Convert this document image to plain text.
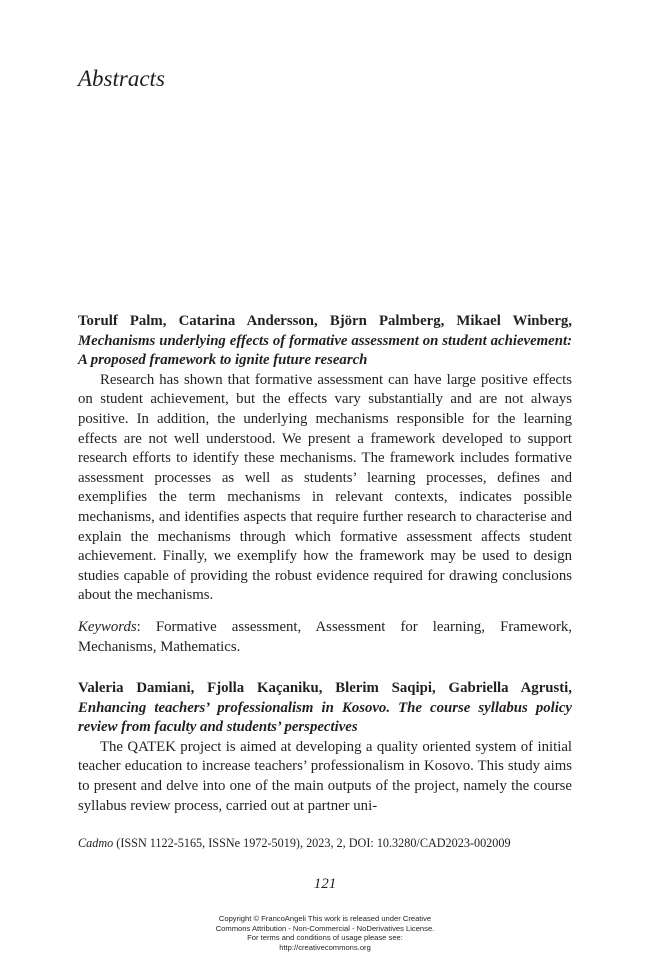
Abstracts

Torulf Palm, Catarina Andersson, Björn Palmberg, Mikael Winberg, Mechanisms underlying effects of formative assessment on student achievement: A proposed framework to ignite future research

Research has shown that formative assessment can have large positive effects on student achievement, but the effects vary substantially and are not always positive. In addition, the underlying mechanisms responsible for the learning effects are not well understood. We present a framework developed to support research efforts to identify these mechanisms. The framework includes formative assessment processes as well as students’ learning processes, defines and exemplifies the term mechanisms in relevant contexts, indicates possible mechanisms, and identifies aspects that require further research to characterise and explain the mechanisms through which formative assessment affects student achievement. Finally, we exemplify how the framework may be used to design studies capable of providing the robust evidence required for drawing conclusions about the mechanisms.

Keywords: Formative assessment, Assessment for learning, Framework, Mechanisms, Mathematics.

Valeria Damiani, Fjolla Kaçaniku, Blerim Saqipi, Gabriella Agrusti, Enhancing teachers’ professionalism in Kosovo. The course syllabus policy review from faculty and students’ perspectives

The QATEK project is aimed at developing a quality oriented system of initial teacher education to increase teachers’ professionalism in Kosovo. This study aims to present and delve into one of the main outputs of the project, namely the course syllabus review process, carried out at partner uni-

Cadmo (ISSN 1122-5165, ISSNe 1972-5019), 2023, 2, DOI: 10.3280/CAD2023-002009
121
Copyright © FrancoAngeli This work is released under Creative
Commons Attribution - Non-Commercial - NoDerivatives License.
For terms and conditions of usage please see:
http://creativecommons.org
